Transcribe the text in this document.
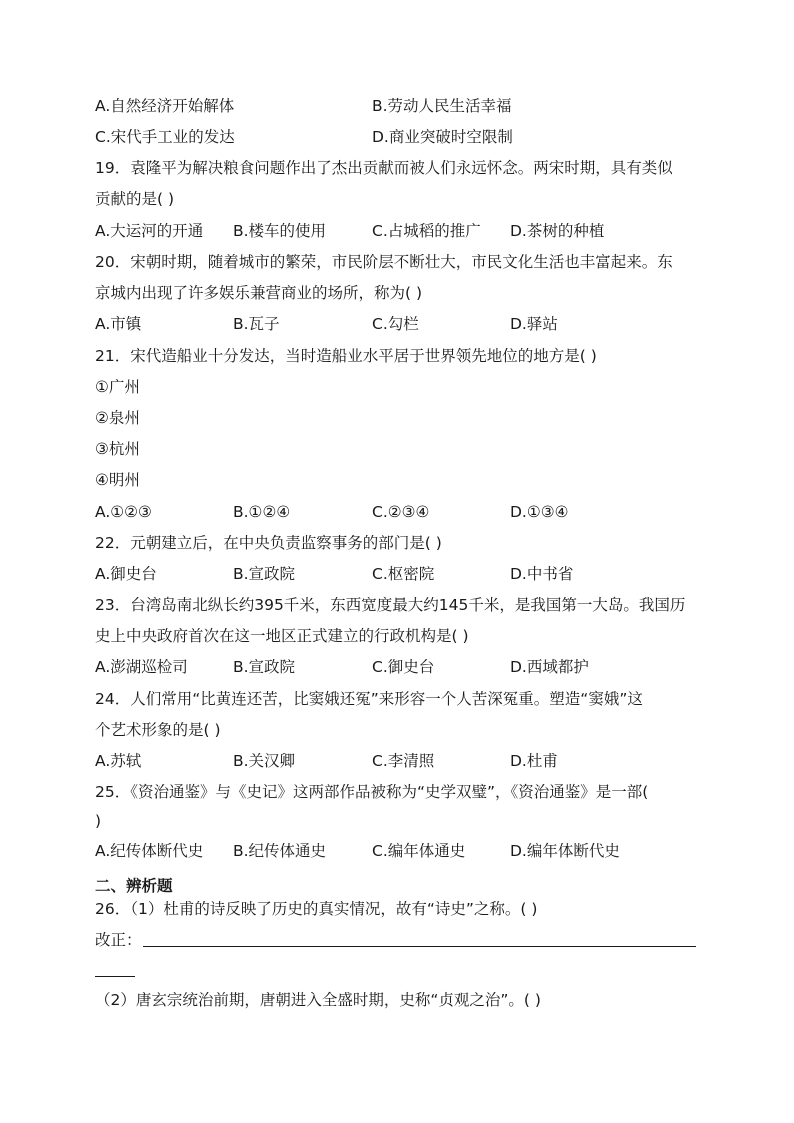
A.自然经济开始解体	B.劳动人民生活幸福
C.宋代手工业的发达	D.商业突破时空限制
19．袁隆平为解决粮食问题作出了杰出贡献而被人们永远怀念。两宋时期，具有类似
贡献的是( )
A.大运河的开通 B.楼车的使用	C.占城稻的推广 D.茶树的种植
20．宋朝时期，随着城市的繁荣，市民阶层不断壮大，市民文化生活也丰富起来。东
京城内出现了许多娱乐兼营商业的场所，称为( )
A.市镇	B.瓦子	C.勾栏	D.驿站
21．宋代造船业十分发达，当时造船业水平居于世界领先地位的地方是( )
①广州
②泉州
③杭州
④明州
A.①②③	B.①②④	C.②③④	D.①③④
22．元朝建立后，在中央负责监察事务的部门是( )
A.御史台	B.宣政院	C.枢密院	D.中书省
23．台湾岛南北纵长约395千米，东西宽度最大约145千米，是我国第一大岛。我国历
史上中央政府首次在这一地区正式建立的行政机构是( )
A.澎湖巡检司	B.宣政院	C.御史台	D.西域都护
24．人们常用“比黄连还苦，比窦娥还冤”来形容一个人苦深冤重。塑造“窦娥”这
个艺术形象的是( )
A.苏轼	B.关汉卿	C.李清照	D.杜甫
25．《资治通鉴》与《史记》这两部作品被称为“史学双璧”，《资治通鉴》是一部(
)
A.纪传体断代史 B.纪传体通史	C.编年体通史	D.编年体断代史
二、辨析题
26．（1）杜甫的诗反映了历史的真实情况，故有“诗史”之称。( )
改正：
（2）唐玄宗统治前期，唐朝进入全盛时期，史称“贞观之治”。( )
